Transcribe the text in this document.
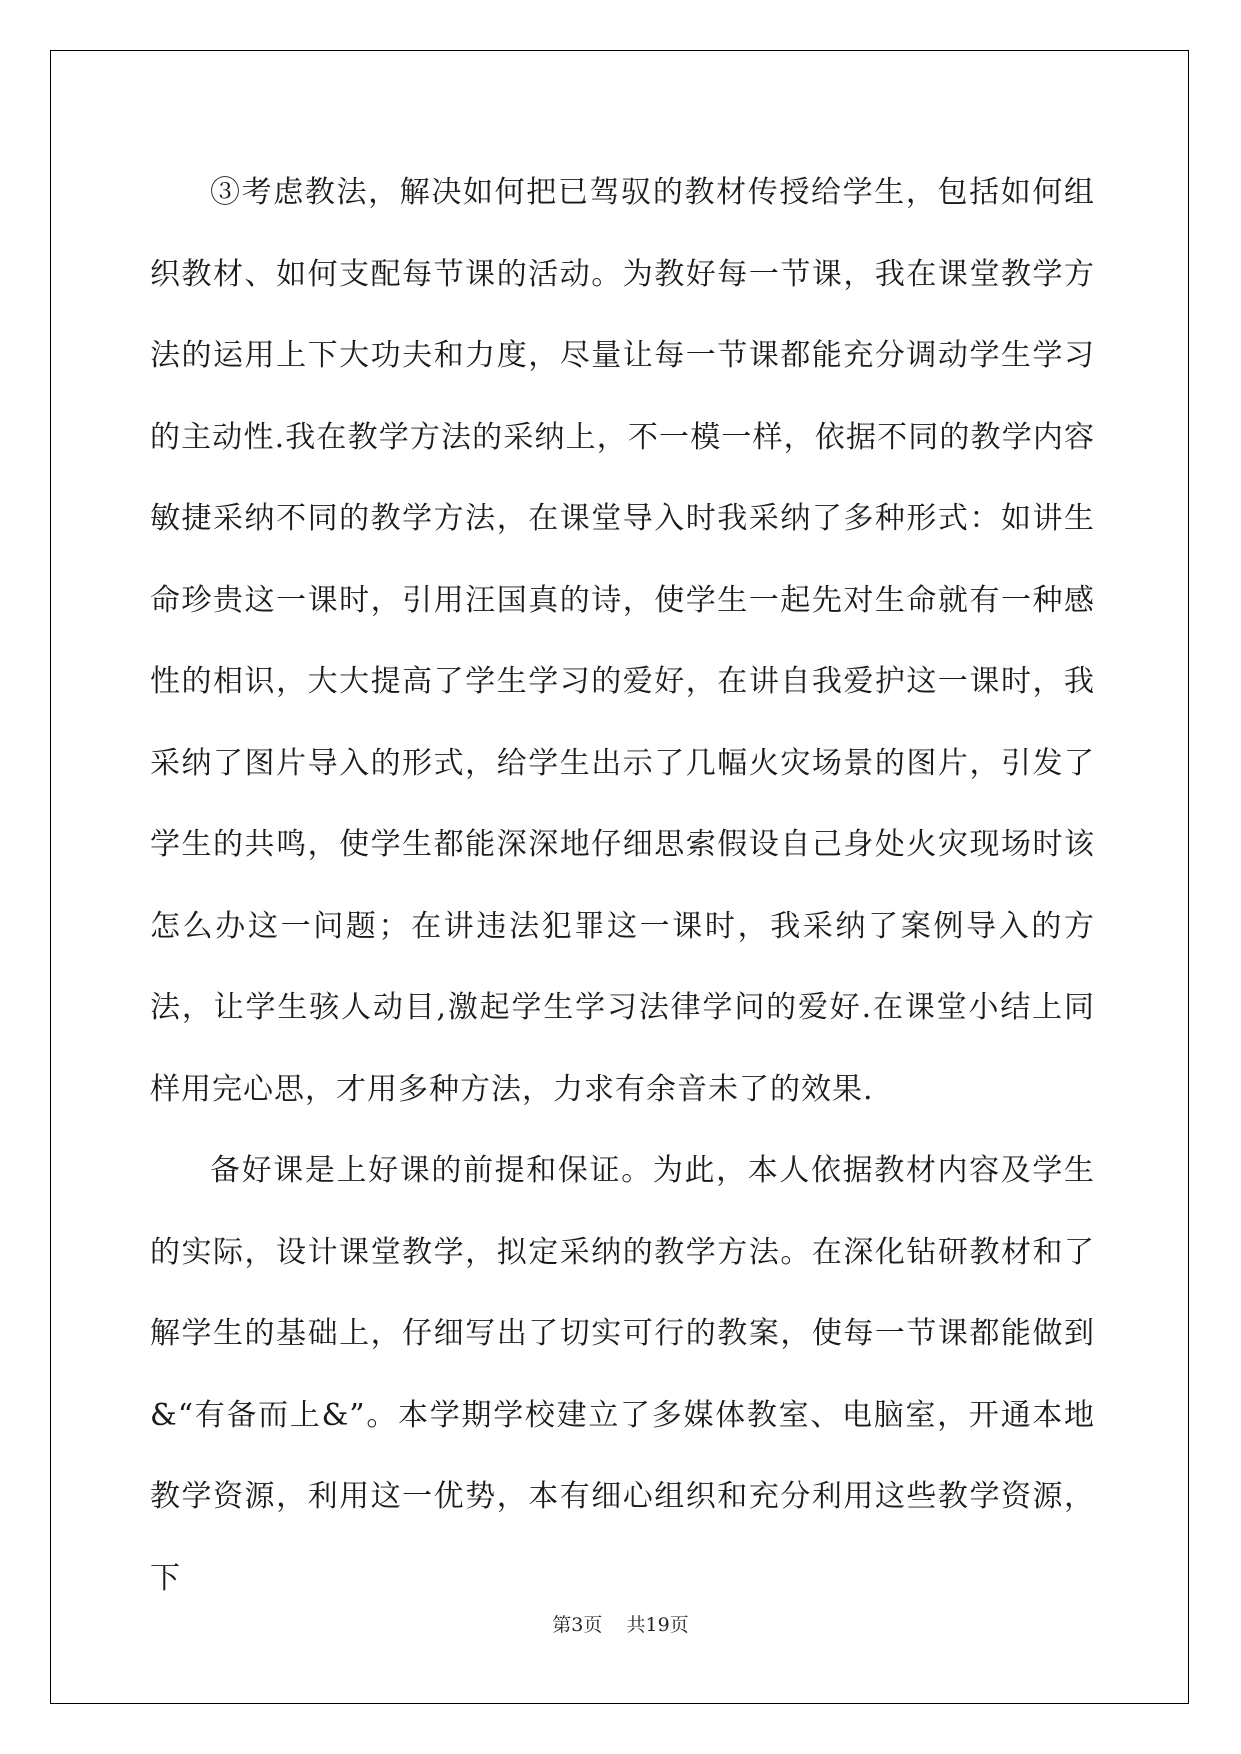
③考虑教法，解决如何把已驾驭的教材传授给学生，包括如何组织教材、如何支配每节课的活动。为教好每一节课，我在课堂教学方法的运用上下大功夫和力度，尽量让每一节课都能充分调动学生学习的主动性.我在教学方法的采纳上，不一模一样，依据不同的教学内容敏捷采纳不同的教学方法，在课堂导入时我采纳了多种形式：如讲生命珍贵这一课时，引用汪国真的诗，使学生一起先对生命就有一种感性的相识，大大提高了学生学习的爱好，在讲自我爱护这一课时，我采纳了图片导入的形式，给学生出示了几幅火灾场景的图片，引发了学生的共鸣，使学生都能深深地仔细思索假设自己身处火灾现场时该怎么办这一问题；在讲违法犯罪这一课时，我采纳了案例导入的方法，让学生骇人动目,激起学生学习法律学问的爱好.在课堂小结上同样用完心思，才用多种方法，力求有余音未了的效果.

备好课是上好课的前提和保证。为此，本人依据教材内容及学生的实际，设计课堂教学，拟定采纳的教学方法。在深化钻研教材和了解学生的基础上，仔细写出了切实可行的教案，使每一节课都能做到&“有备而上&”。本学期学校建立了多媒体教室、电脑室，开通本地教学资源，利用这一优势，本有细心组织和充分利用这些教学资源，下

第3页    共19页
